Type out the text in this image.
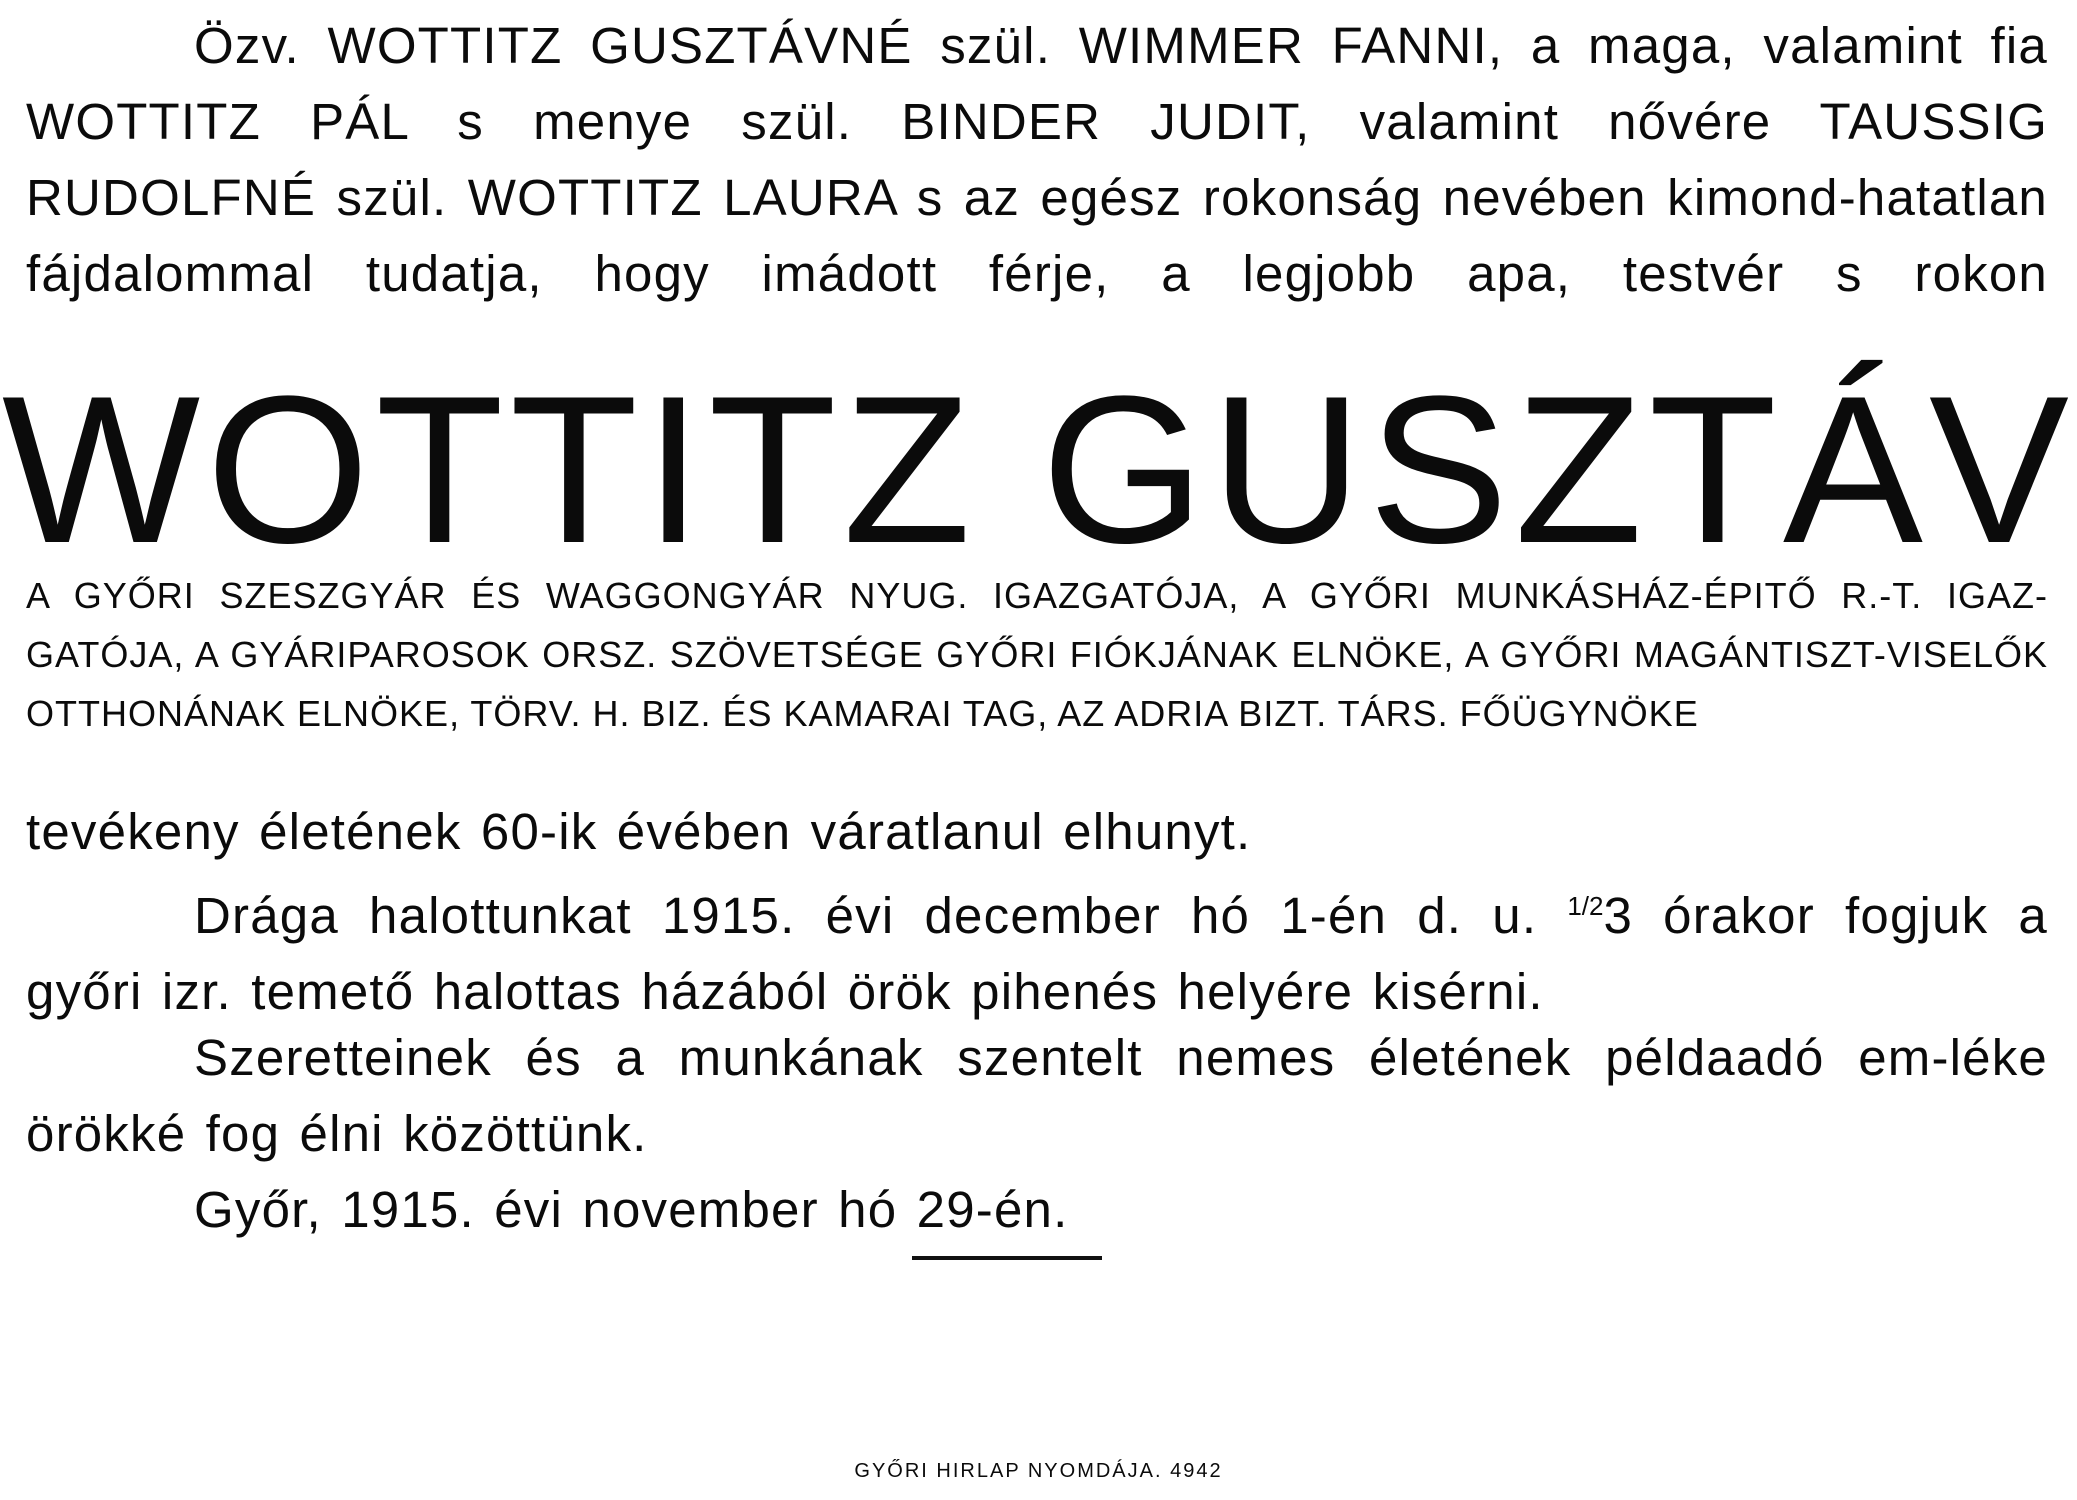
Özv. WOTTITZ GUSZTÁVNÉ szül. WIMMER FANNI, a maga, valamint fia WOTTITZ PÁL s menye szül. BINDER JUDIT, valamint nővére TAUSSIG RUDOLFNÉ szül. WOTTITZ LAURA s az egész rokonság nevében kimond-hatatlan fájdalommal tudatja, hogy imádott férje, a legjobb apa, testvér s rokon

WOTTITZ GUSZTÁV

A GYŐRI SZESZGYÁR ÉS WAGGONGYÁR NYUG. IGAZGATÓJA, A GYŐRI MUNKÁSHÁZ-ÉPITŐ R.-T. IGAZ-GATÓJA, A GYÁRIPAROSOK ORSZ. SZÖVETSÉGE GYŐRI FIÓKJÁNAK ELNÖKE, A GYŐRI MAGÁNTISZT-VISELŐK OTTHONÁNAK ELNÖKE, TÖRV. H. BIZ. ÉS KAMARAI TAG, AZ ADRIA BIZT. TÁRS. FŐÜGYNÖKE

tevékeny életének 60-ik évében váratlanul elhunyt.

Drága halottunkat 1915. évi december hó 1-én d. u. $^{1/2}$3 órakor fogjuk a győri izr. temető halottas házából örök pihenés helyére kisérni.

Szeretteinek és a munkának szentelt nemes életének példaadó em-léke örökké fog élni közöttünk.

Győr, 1915. évi november hó 29-én.

GYŐRI HIRLAP NYOMDÁJA. 4942
